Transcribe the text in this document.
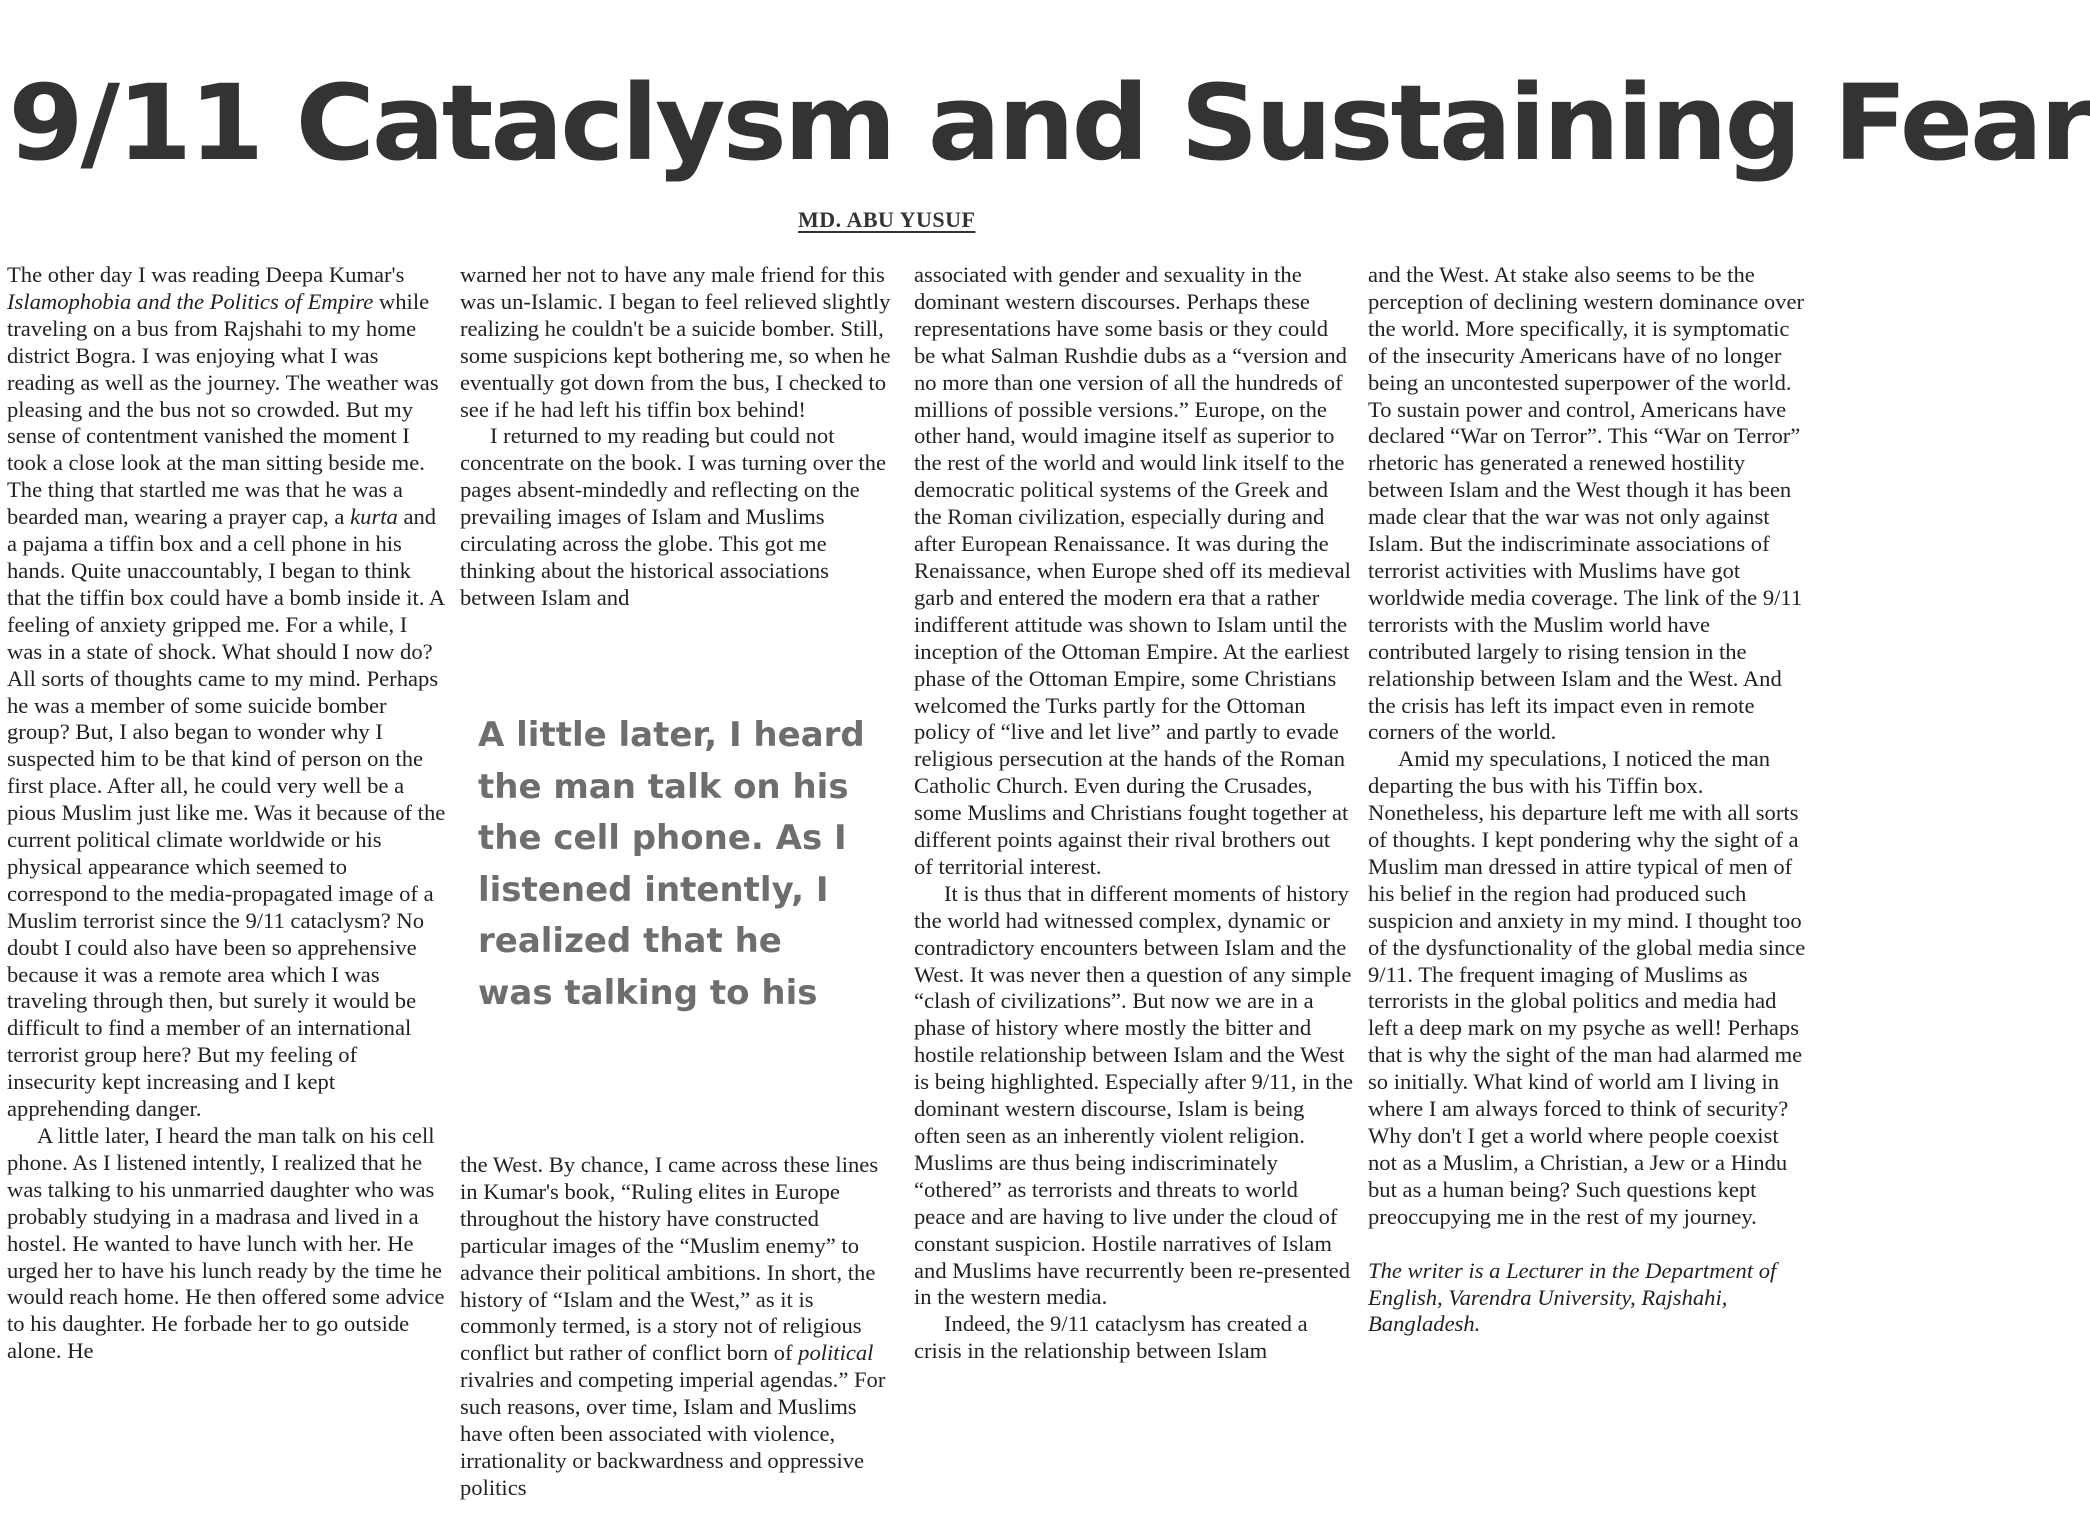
9/11 Cataclysm and Sustaining Fear
MD. ABU YUSUF

The other day I was reading Deepa Kumar's Islamophobia and the Politics of Empire while traveling on a bus from Rajshahi to my home district Bogra. I was enjoying what I was reading as well as the journey. The weather was pleasing and the bus not so crowded. But my sense of contentment vanished the moment I took a close look at the man sitting beside me. The thing that startled me was that he was a bearded man, wearing a prayer cap, a kurta and a pajama a tiffin box and a cell phone in his hands. Quite unaccountably, I began to think that the tiffin box could have a bomb inside it. A feeling of anxiety gripped me. For a while, I was in a state of shock. What should I now do? All sorts of thoughts came to my mind. Perhaps he was a member of some suicide bomber group? But, I also began to wonder why I suspected him to be that kind of person on the first place. After all, he could very well be a pious Muslim just like me. Was it because of the current political climate worldwide or his physical appearance which seemed to correspond to the media-propagated image of a Muslim terrorist since the 9/11 cataclysm? No doubt I could also have been so apprehensive because it was a remote area which I was traveling through then, but surely it would be difficult to find a member of an international terrorist group here? But my feeling of insecurity kept increasing and I kept apprehending danger.

A little later, I heard the man talk on his cell phone. As I listened intently, I realized that he was talking to his unmarried daughter who was probably studying in a madrasa and lived in a hostel. He wanted to have lunch with her. He urged her to have his lunch ready by the time he would reach home. He then offered some advice to his daughter. He forbade her to go outside alone. He

warned her not to have any male friend for this was un-Islamic. I began to feel relieved slightly realizing he couldn't be a suicide bomber. Still, some suspicions kept bothering me, so when he eventually got down from the bus, I checked to see if he had left his tiffin box behind!

I returned to my reading but could not concentrate on the book. I was turning over the pages absent-mindedly and reflecting on the prevailing images of Islam and Muslims circulating across the globe. This got me thinking about the historical associations between Islam and

A little later, I heard the man talk on his the cell phone. As I listened intently, I realized that he was talking to his

the West. By chance, I came across these lines in Kumar's book, “Ruling elites in Europe throughout the history have constructed particular images of the “Muslim enemy” to advance their political ambitions. In short, the history of “Islam and the West,” as it is commonly termed, is a story not of religious conflict but rather of conflict born of political rivalries and competing imperial agendas.” For such reasons, over time, Islam and Muslims have often been associated with violence, irrationality or backwardness and oppressive politics

associated with gender and sexuality in the dominant western discourses. Perhaps these representations have some basis or they could be what Salman Rushdie dubs as a “version and no more than one version of all the hundreds of millions of possible versions.” Europe, on the other hand, would imagine itself as superior to the rest of the world and would link itself to the democratic political systems of the Greek and the Roman civilization, especially during and after European Renaissance. It was during the Renaissance, when Europe shed off its medieval garb and entered the modern era that a rather indifferent attitude was shown to Islam until the inception of the Ottoman Empire. At the earliest phase of the Ottoman Empire, some Christians welcomed the Turks partly for the Ottoman policy of “live and let live” and partly to evade religious persecution at the hands of the Roman Catholic Church. Even during the Crusades, some Muslims and Christians fought together at different points against their rival brothers out of territorial interest.

It is thus that in different moments of history the world had witnessed complex, dynamic or contradictory encounters between Islam and the West. It was never then a question of any simple “clash of civilizations”. But now we are in a phase of history where mostly the bitter and hostile relationship between Islam and the West is being highlighted. Especially after 9/11, in the dominant western discourse, Islam is being often seen as an inherently violent religion. Muslims are thus being indiscriminately “othered” as terrorists and threats to world peace and are having to live under the cloud of constant suspicion. Hostile narratives of Islam and Muslims have recurrently been re-presented in the western media.

Indeed, the 9/11 cataclysm has created a crisis in the relationship between Islam

and the West. At stake also seems to be the perception of declining western dominance over the world. More specifically, it is symptomatic of the insecurity Americans have of no longer being an uncontested superpower of the world. To sustain power and control, Americans have declared “War on Terror”. This “War on Terror” rhetoric has generated a renewed hostility between Islam and the West though it has been made clear that the war was not only against Islam. But the indiscriminate associations of terrorist activities with Muslims have got worldwide media coverage. The link of the 9/11 terrorists with the Muslim world have contributed largely to rising tension in the relationship between Islam and the West. And the crisis has left its impact even in remote corners of the world.

Amid my speculations, I noticed the man departing the bus with his Tiffin box. Nonetheless, his departure left me with all sorts of thoughts. I kept pondering why the sight of a Muslim man dressed in attire typical of men of his belief in the region had produced such suspicion and anxiety in my mind. I thought too of the dysfunctionality of the global media since 9/11. The frequent imaging of Muslims as terrorists in the global politics and media had left a deep mark on my psyche as well! Perhaps that is why the sight of the man had alarmed me so initially. What kind of world am I living in where I am always forced to think of security? Why don't I get a world where people coexist not as a Muslim, a Christian, a Jew or a Hindu but as a human being? Such questions kept preoccupying me in the rest of my journey.

The writer is a Lecturer in the Department of English, Varendra University, Rajshahi, Bangladesh.
